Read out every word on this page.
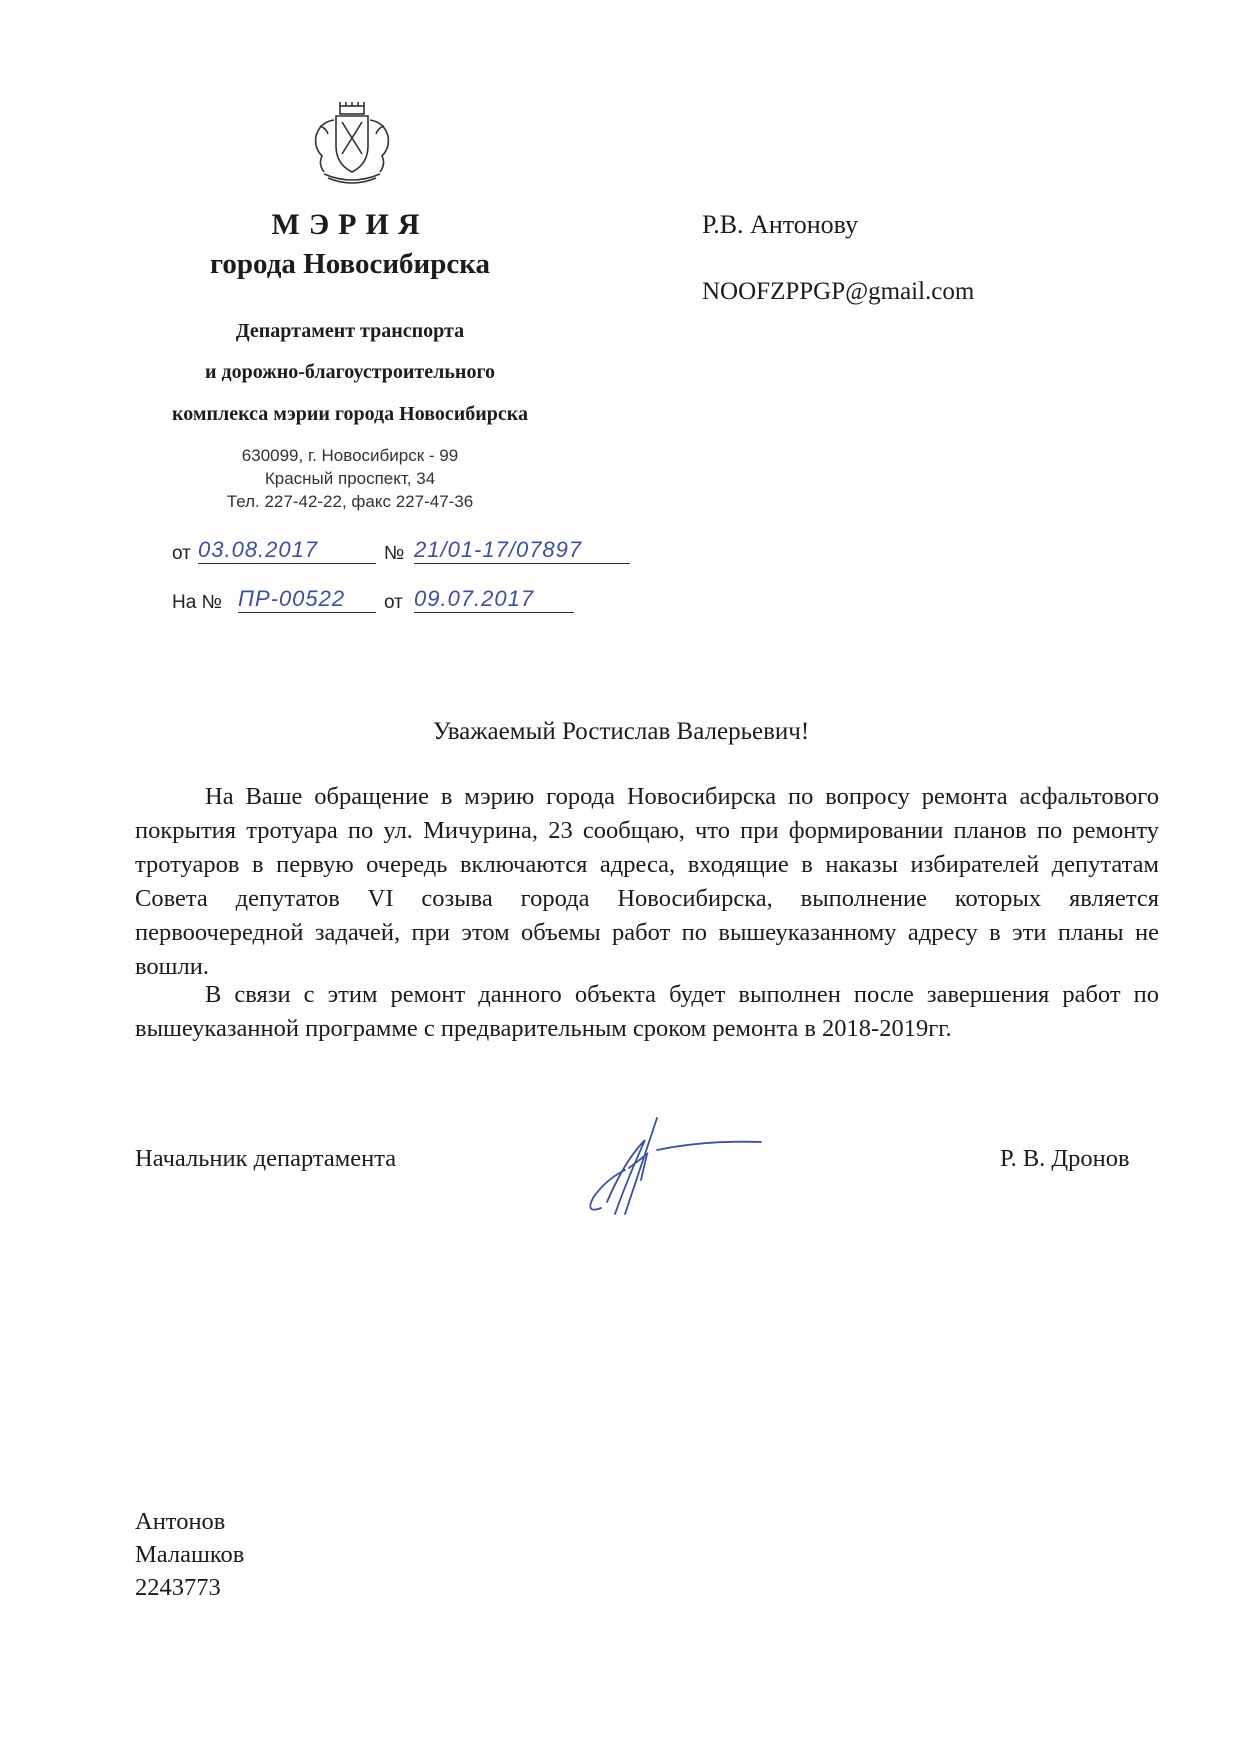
МЭРИЯ
города Новосибирска
Департамент транспорта
и дорожно-благоустроительного
комплекса мэрии города Новосибирска
630099, г. Новосибирск - 99
Красный проспект, 34
Тел. 227-42-22, факс 227-47-36
от 03.08.2017	№ 21/01-17/07897
На № ПР-00522	от 09.07.2017
Р.В. Антонову
NOOFZPPGP@gmail.com
Уважаемый Ростислав Валерьевич!
На Ваше обращение в мэрию города Новосибирска по вопросу ремонта асфальтового покрытия тротуара по ул. Мичурина, 23 сообщаю, что при формировании планов по ремонту тротуаров в первую очередь включаются адреса, входящие в наказы избирателей депутатам Совета депутатов VI созыва города Новосибирска, выполнение которых является первоочередной задачей, при этом объемы работ по вышеуказанному адресу в эти планы не вошли.
В связи с этим ремонт данного объекта будет выполнен после завершения работ по вышеуказанной программе с предварительным сроком ремонта в 2018-2019гг.
Начальник департамента	Р. В. Дронов
Антонов
Малашков
2243773
